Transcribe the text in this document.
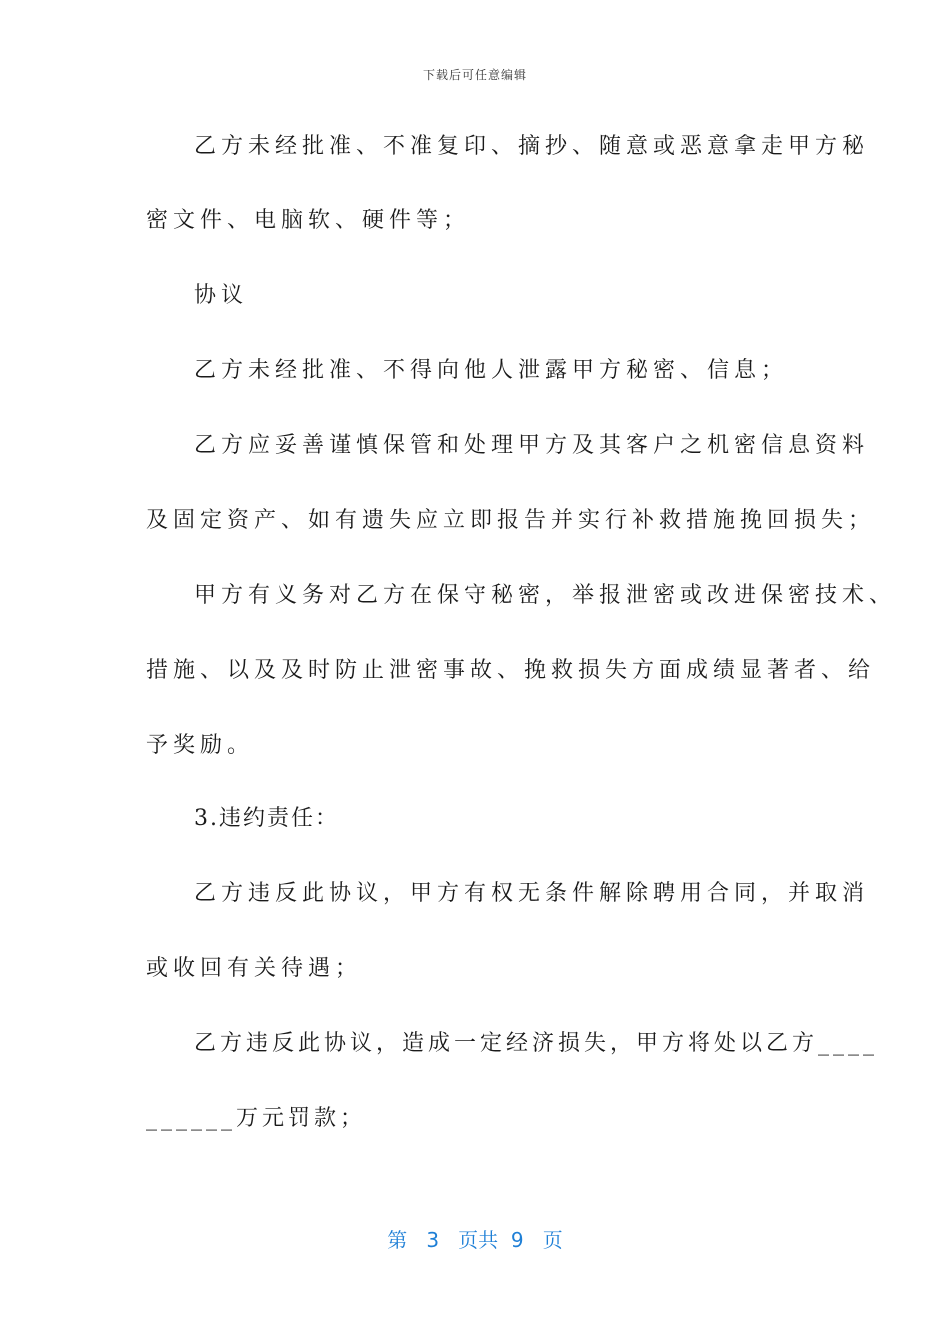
下载后可任意编辑
乙方未经批准、不准复印、摘抄、随意或恶意拿走甲方秘
密文件、电脑软、硬件等；
协议
乙方未经批准、不得向他人泄露甲方秘密、信息；
乙方应妥善谨慎保管和处理甲方及其客户之机密信息资料
及固定资产、如有遗失应立即报告并实行补救措施挽回损失；
甲方有义务对乙方在保守秘密，举报泄密或改进保密技术、
措施、以及及时防止泄密事故、挽救损失方面成绩显著者、给
予奖励。
3.违约责任：
乙方违反此协议，甲方有权无条件解除聘用合同，并取消
或收回有关待遇；
乙方违反此协议，造成一定经济损失，甲方将处以乙方____
______万元罚款；
第 3 页共 9 页
